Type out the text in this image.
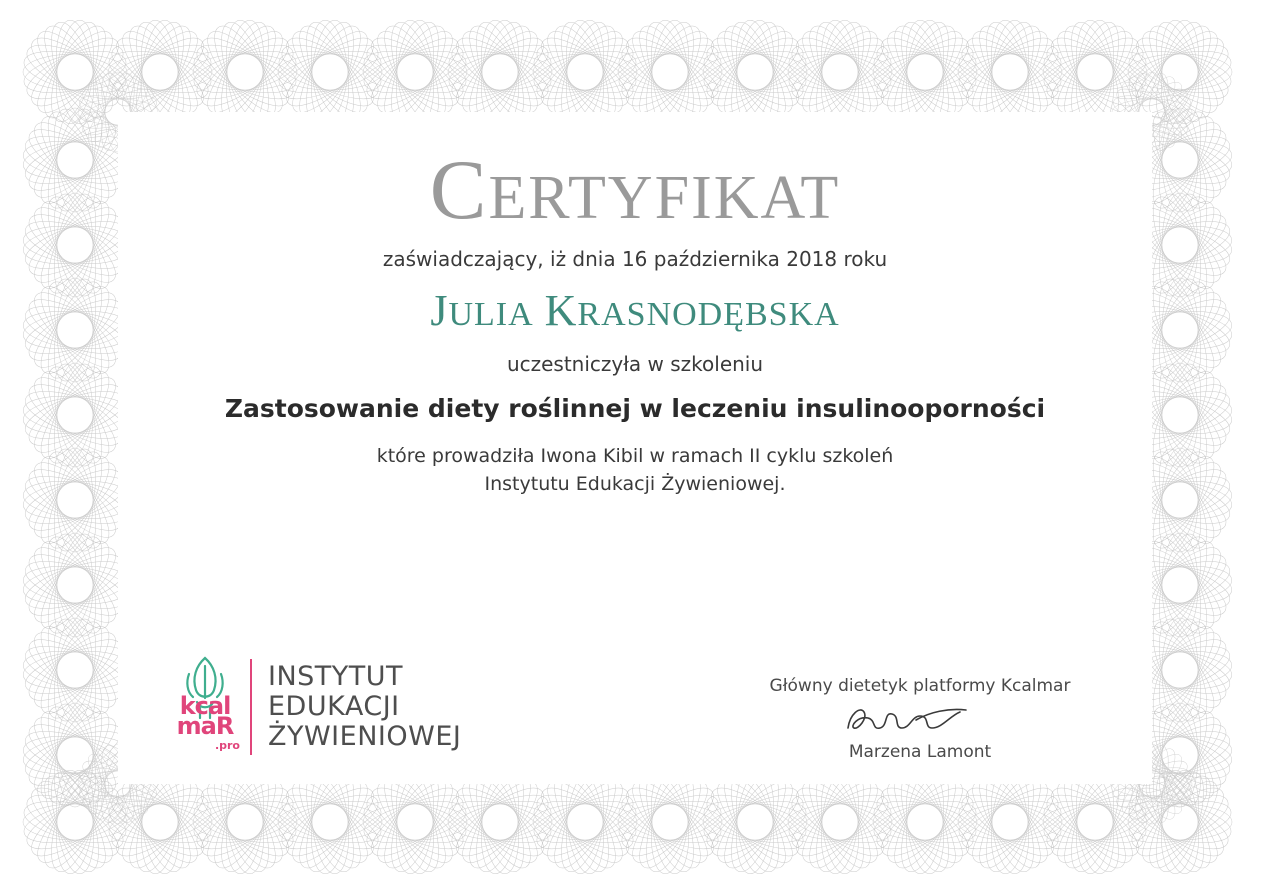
CERTYFIKAT
zaświadczający, iż dnia 16 października 2018 roku
JULIA KRASNODĘBSKA
uczestniczyła w szkoleniu
Zastosowanie diety roślinnej w leczeniu insulinooporności
które prowadziła Iwona Kibil w ramach II cyklu szkoleń
Instytutu Edukacji Żywieniowej.
kcal
maR
.pro
INSTYTUT
EDUKACJI
ŻYWIENIOWEJ
Główny dietetyk platformy Kcalmar
Marzena Lamont
